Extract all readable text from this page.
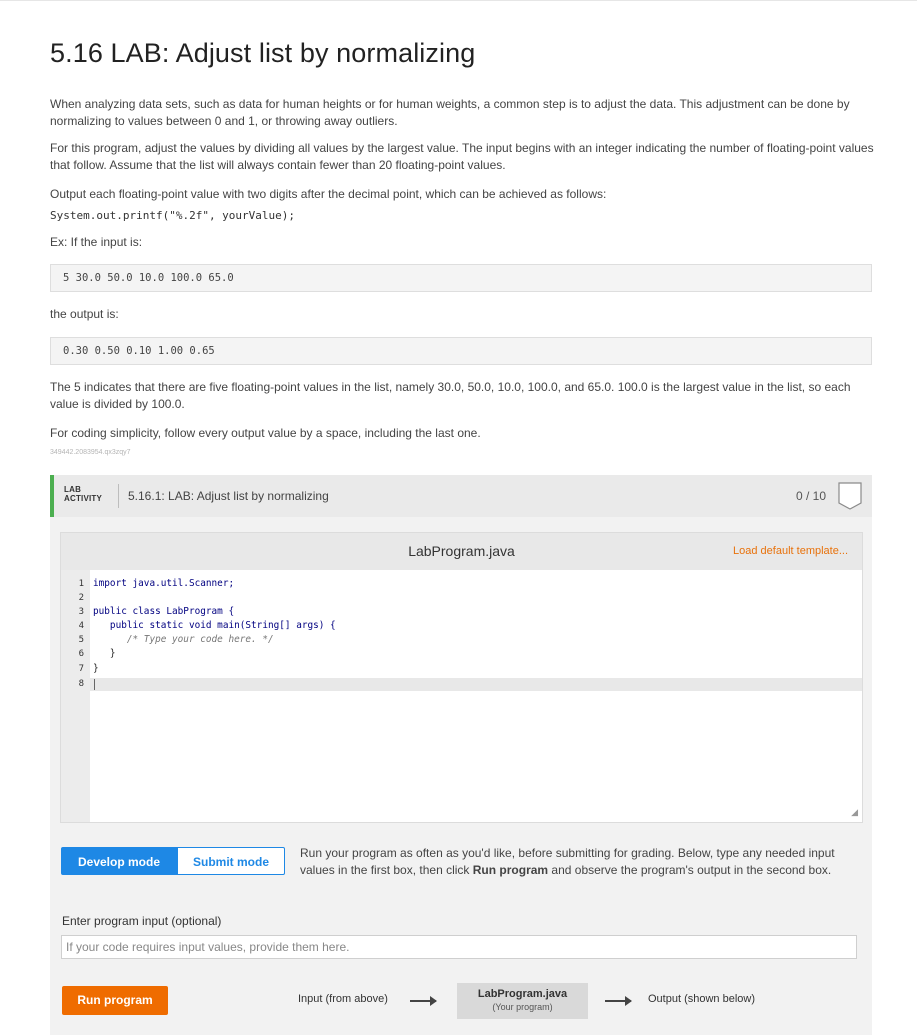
5.16 LAB: Adjust list by normalizing

When analyzing data sets, such as data for human heights or for human weights, a common step is to adjust the data. This adjustment can be done by normalizing to values between 0 and 1, or throwing away outliers.

For this program, adjust the values by dividing all values by the largest value. The input begins with an integer indicating the number of floating-point values that follow. Assume that the list will always contain fewer than 20 floating-point values.

Output each floating-point value with two digits after the decimal point, which can be achieved as follows:

System.out.printf("%.2f", yourValue);

Ex: If the input is:

5 30.0 50.0 10.0 100.0 65.0

the output is:

0.30 0.50 0.10 1.00 0.65

The 5 indicates that there are five floating-point values in the list, namely 30.0, 50.0, 10.0, 100.0, and 65.0. 100.0 is the largest value in the list, so each value is divided by 100.0.

For coding simplicity, follow every output value by a space, including the last one.

349442.2083954.qx3zqy7
LAB
ACTIVITY 5.16.1: LAB: Adjust list by normalizing	0 / 10
LabProgram.java	Load default template...
1
2
3
4
5
6
7
8
import java.util.Scanner;
public class LabProgram {
public static void main(String[] args) {
/* Type your code here. */
}
}
◢
Develop mode	Submit mode
Run your program as often as you'd like, before submitting for grading. Below, type any needed input values in the first box, then click Run program and observe the program's output in the second box.
Enter program input (optional)
If your code requires input values, provide them here.
Run program	Input (from above)	LabProgram.java
(Your program)
Output (shown below)
